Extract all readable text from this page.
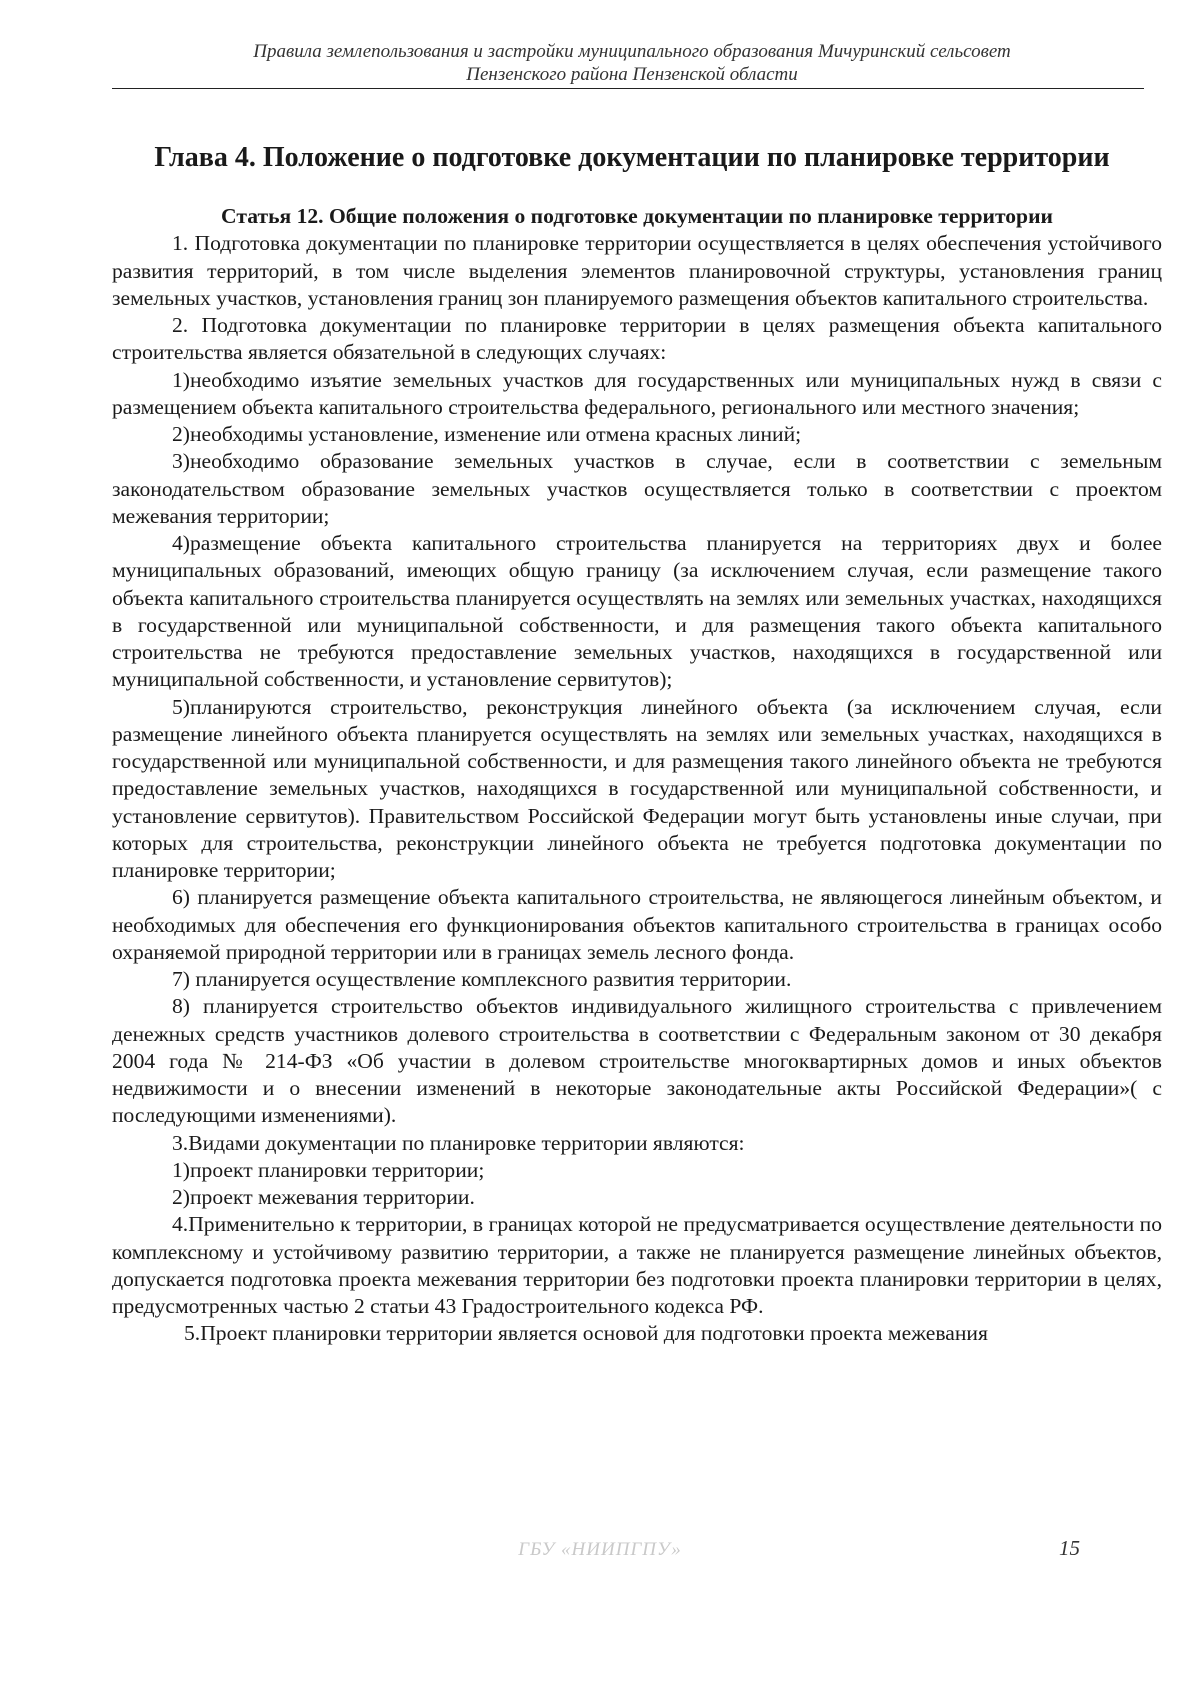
Правила землепользования и застройки муниципального образования Мичуринский сельсовет
Пензенского района Пензенской области
Глава 4. Положение о подготовке документации по планировке территории
Статья 12. Общие положения о подготовке документации по планировке территории

1. Подготовка документации по планировке территории осуществляется в целях обеспечения устойчивого развития территорий, в том числе выделения элементов планировочной структуры, установления границ земельных участков, установления границ зон планируемого размещения объектов капитального строительства.

2. Подготовка документации по планировке территории в целях размещения объекта капитального строительства является обязательной в следующих случаях:

1)необходимо изъятие земельных участков для государственных или муниципальных нужд в связи с размещением объекта капитального строительства федерального, регионального или местного значения;

2)необходимы установление, изменение или отмена красных линий;

3)необходимо образование земельных участков в случае, если в соответствии с земельным законодательством образование земельных участков осуществляется только в соответствии с проектом межевания территории;

4)размещение объекта капитального строительства планируется на территориях двух и более муниципальных образований, имеющих общую границу (за исключением случая, если размещение такого объекта капитального строительства планируется осуществлять на землях или земельных участках, находящихся в государственной или муниципальной собственности, и для размещения такого объекта капитального строительства не требуются предоставление земельных участков, находящихся в государственной или муниципальной собственности, и установление сервитутов);

5)планируются строительство, реконструкция линейного объекта (за исключением случая, если размещение линейного объекта планируется осуществлять на землях или земельных участках, находящихся в государственной или муниципальной собственности, и для размещения такого линейного объекта не требуются предоставление земельных участков, находящихся в государственной или муниципальной собственности, и установление сервитутов). Правительством Российской Федерации могут быть установлены иные случаи, при которых для строительства, реконструкции линейного объекта не требуется подготовка документации по планировке территории;

6) планируется размещение объекта капитального строительства, не являющегося линейным объектом, и необходимых для обеспечения его функционирования объектов капитального строительства в границах особо охраняемой природной территории или в границах земель лесного фонда.

7) планируется осуществление комплексного развития территории.

8) планируется строительство объектов индивидуального жилищного строительства с привлечением денежных средств участников долевого строительства в соответствии с Федеральным законом от 30 декабря 2004 года № 214-ФЗ «Об участии в долевом строительстве многоквартирных домов и иных объектов недвижимости и о внесении изменений в некоторые законодательные акты Российской Федерации»( с последующими изменениями).

3.Видами документации по планировке территории являются:

1)проект планировки территории;

2)проект межевания территории.

4.Применительно к территории, в границах которой не предусматривается осуществление деятельности по комплексному и устойчивому развитию территории, а также не планируется размещение линейных объектов, допускается подготовка проекта межевания территории без подготовки проекта планировки территории в целях, предусмотренных частью 2 статьи 43 Градостроительного кодекса РФ.

5.Проект планировки территории является основой для подготовки проекта межевания

ГБУ «НИИПГПУ»	15
